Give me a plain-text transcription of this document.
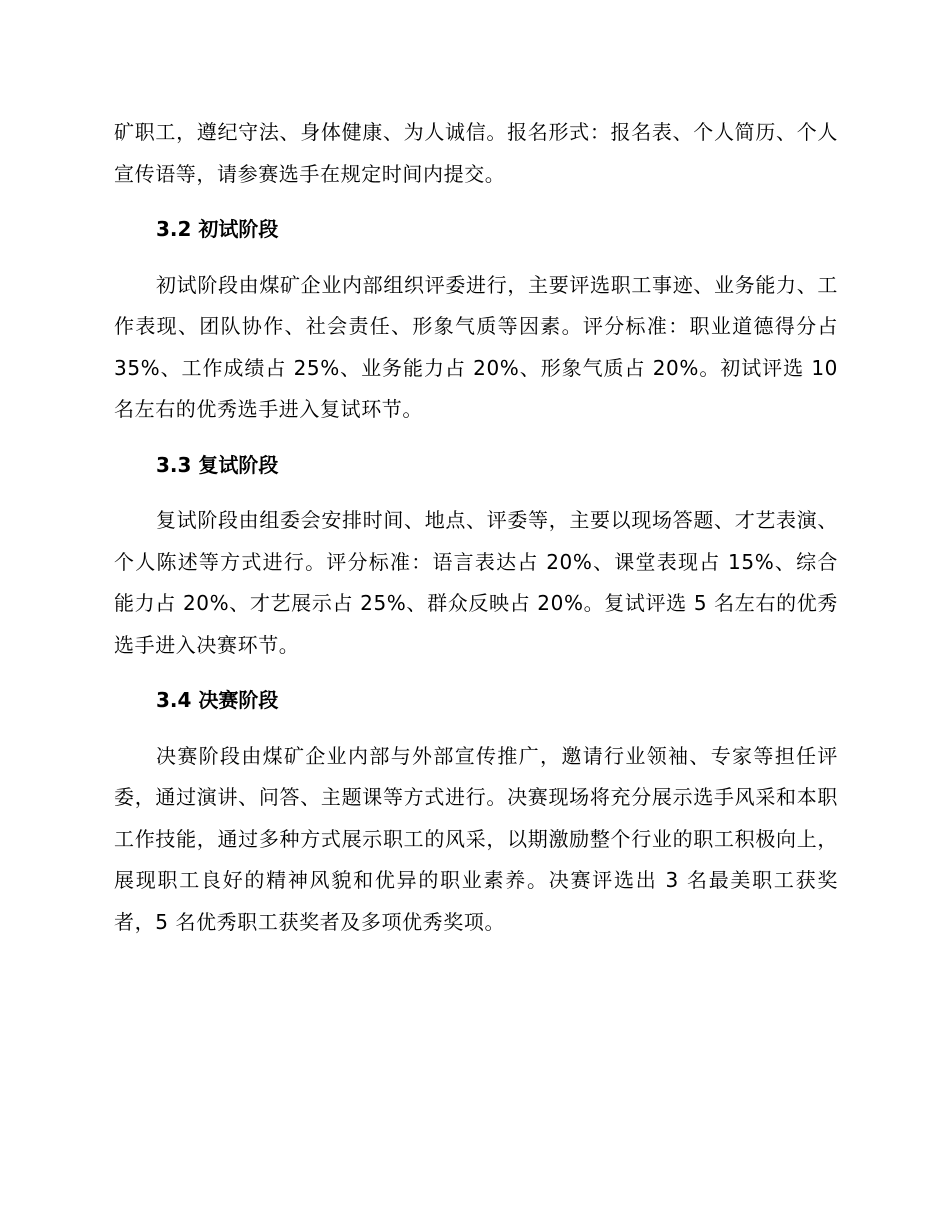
矿职工，遵纪守法、身体健康、为人诚信。报名形式：报名表、个人简历、个人宣传语等，请参赛选手在规定时间内提交。

3.2 初试阶段

初试阶段由煤矿企业内部组织评委进行，主要评选职工事迹、业务能力、工作表现、团队协作、社会责任、形象气质等因素。评分标准：职业道德得分占 35%、工作成绩占 25%、业务能力占 20%、形象气质占 20%。初试评选 10 名左右的优秀选手进入复试环节。

3.3 复试阶段

复试阶段由组委会安排时间、地点、评委等，主要以现场答题、才艺表演、个人陈述等方式进行。评分标准：语言表达占 20%、课堂表现占 15%、综合能力占 20%、才艺展示占 25%、群众反映占 20%。复试评选 5 名左右的优秀选手进入决赛环节。

3.4 决赛阶段

决赛阶段由煤矿企业内部与外部宣传推广，邀请行业领袖、专家等担任评委，通过演讲、问答、主题课等方式进行。决赛现场将充分展示选手风采和本职工作技能，通过多种方式展示职工的风采，以期激励整个行业的职工积极向上，展现职工良好的精神风貌和优异的职业素养。决赛评选出 3 名最美职工获奖者，5 名优秀职工获奖者及多项优秀奖项。
